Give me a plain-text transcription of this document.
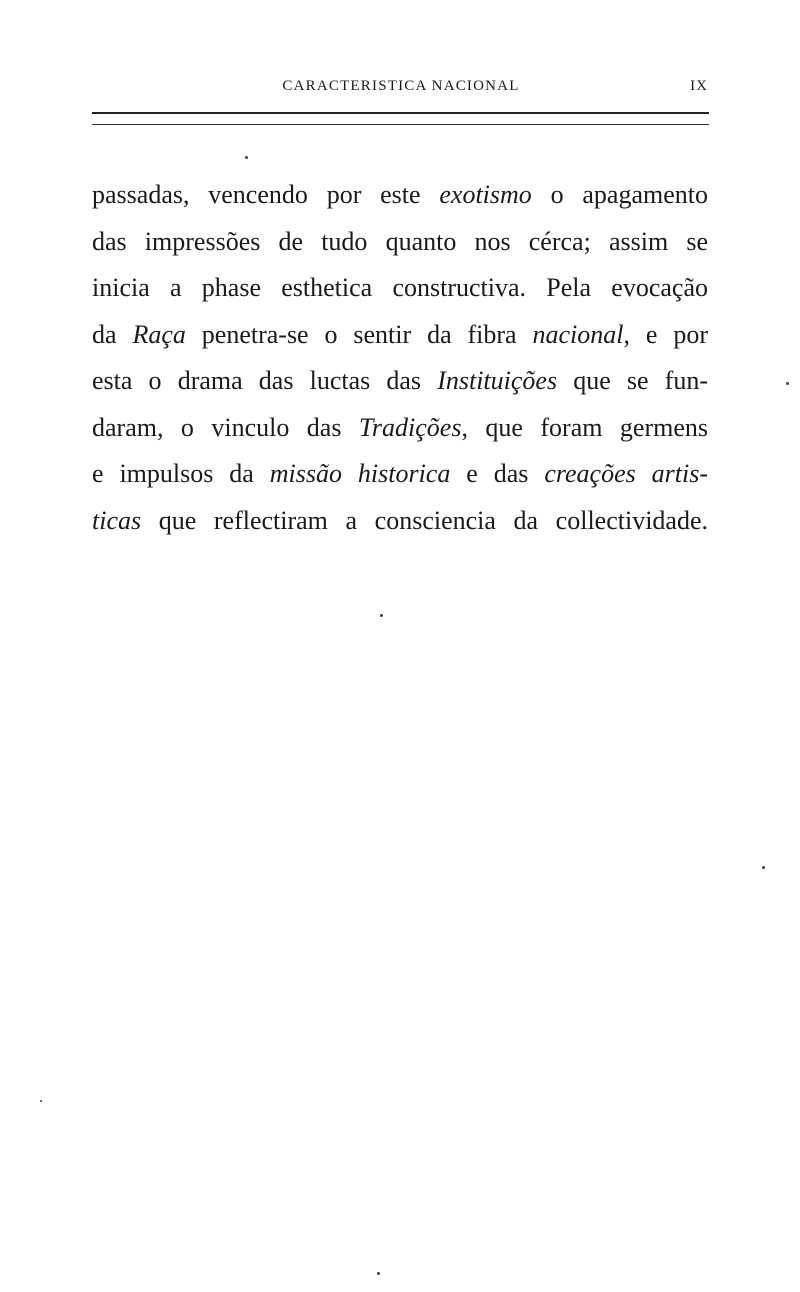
CARACTERISTICA NACIONAL	IX
passadas, vencendo por este exotismo o apagamento
das impressões de tudo quanto nos cérca; assim se
inicia a phase esthetica constructiva. Pela evocação
da Raça penetra-se o sentir da fibra nacional, e por
esta o drama das luctas das Instituições que se fun-
daram, o vinculo das Tradições, que foram germens
e impulsos da missão historica e das creações artis-
ticas que reflectiram a consciencia da collectividade.
